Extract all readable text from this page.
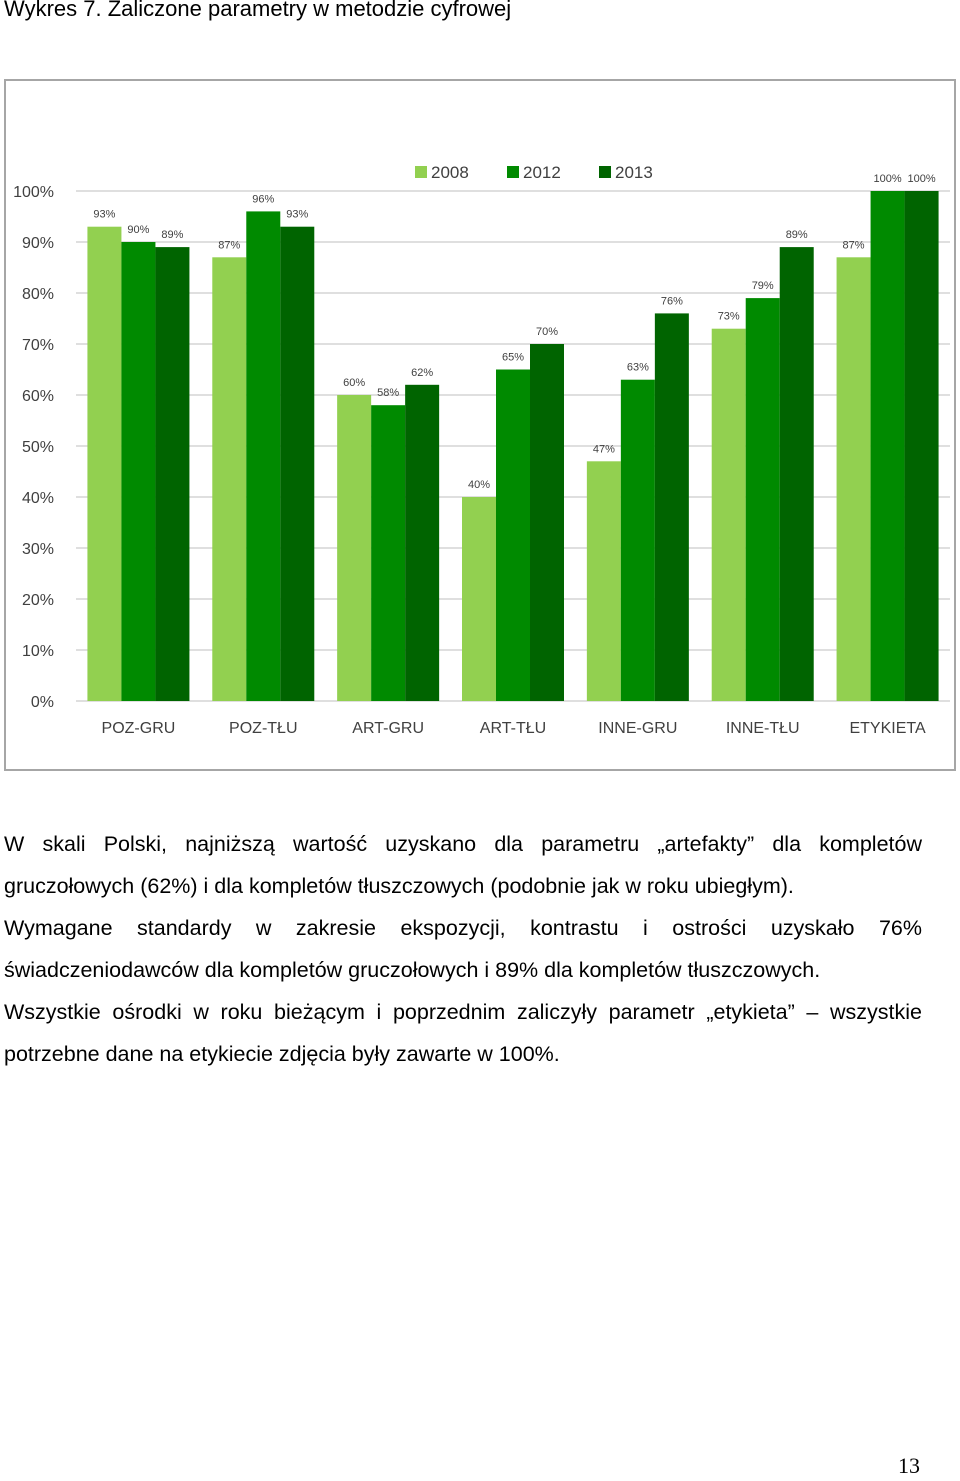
Wykres 7. Zaliczone parametry w metodzie cyfrowej
0%
10%
20%
30%
40%
50%
60%
70%
80%
90%
100%
93%
90% 89%
POZ-GRU
87%
96%
93%
POZ-TŁU
60%
58%
62%
ART-GRU
40%
65%
70%
ART-TŁU
47%
63%
76%
INNE-GRU
73%
79%
89%
INNE-TŁU
87%
100% 100%
ETYKIETA
2008	2012	2013

W skali Polski, najniższą wartość uzyskano dla parametru „artefakty” dla kompletów gruczołowych (62%) i dla kompletów tłuszczowych (podobnie jak w roku ubiegłym).

Wymagane standardy w zakresie ekspozycji, kontrastu i ostrości uzyskało 76% świadczeniodawców dla kompletów gruczołowych i 89% dla kompletów tłuszczowych.

Wszystkie ośrodki w roku bieżącym i poprzednim zaliczyły parametr „etykieta” – wszystkie potrzebne dane na etykiecie zdjęcia były zawarte w 100%.

13
